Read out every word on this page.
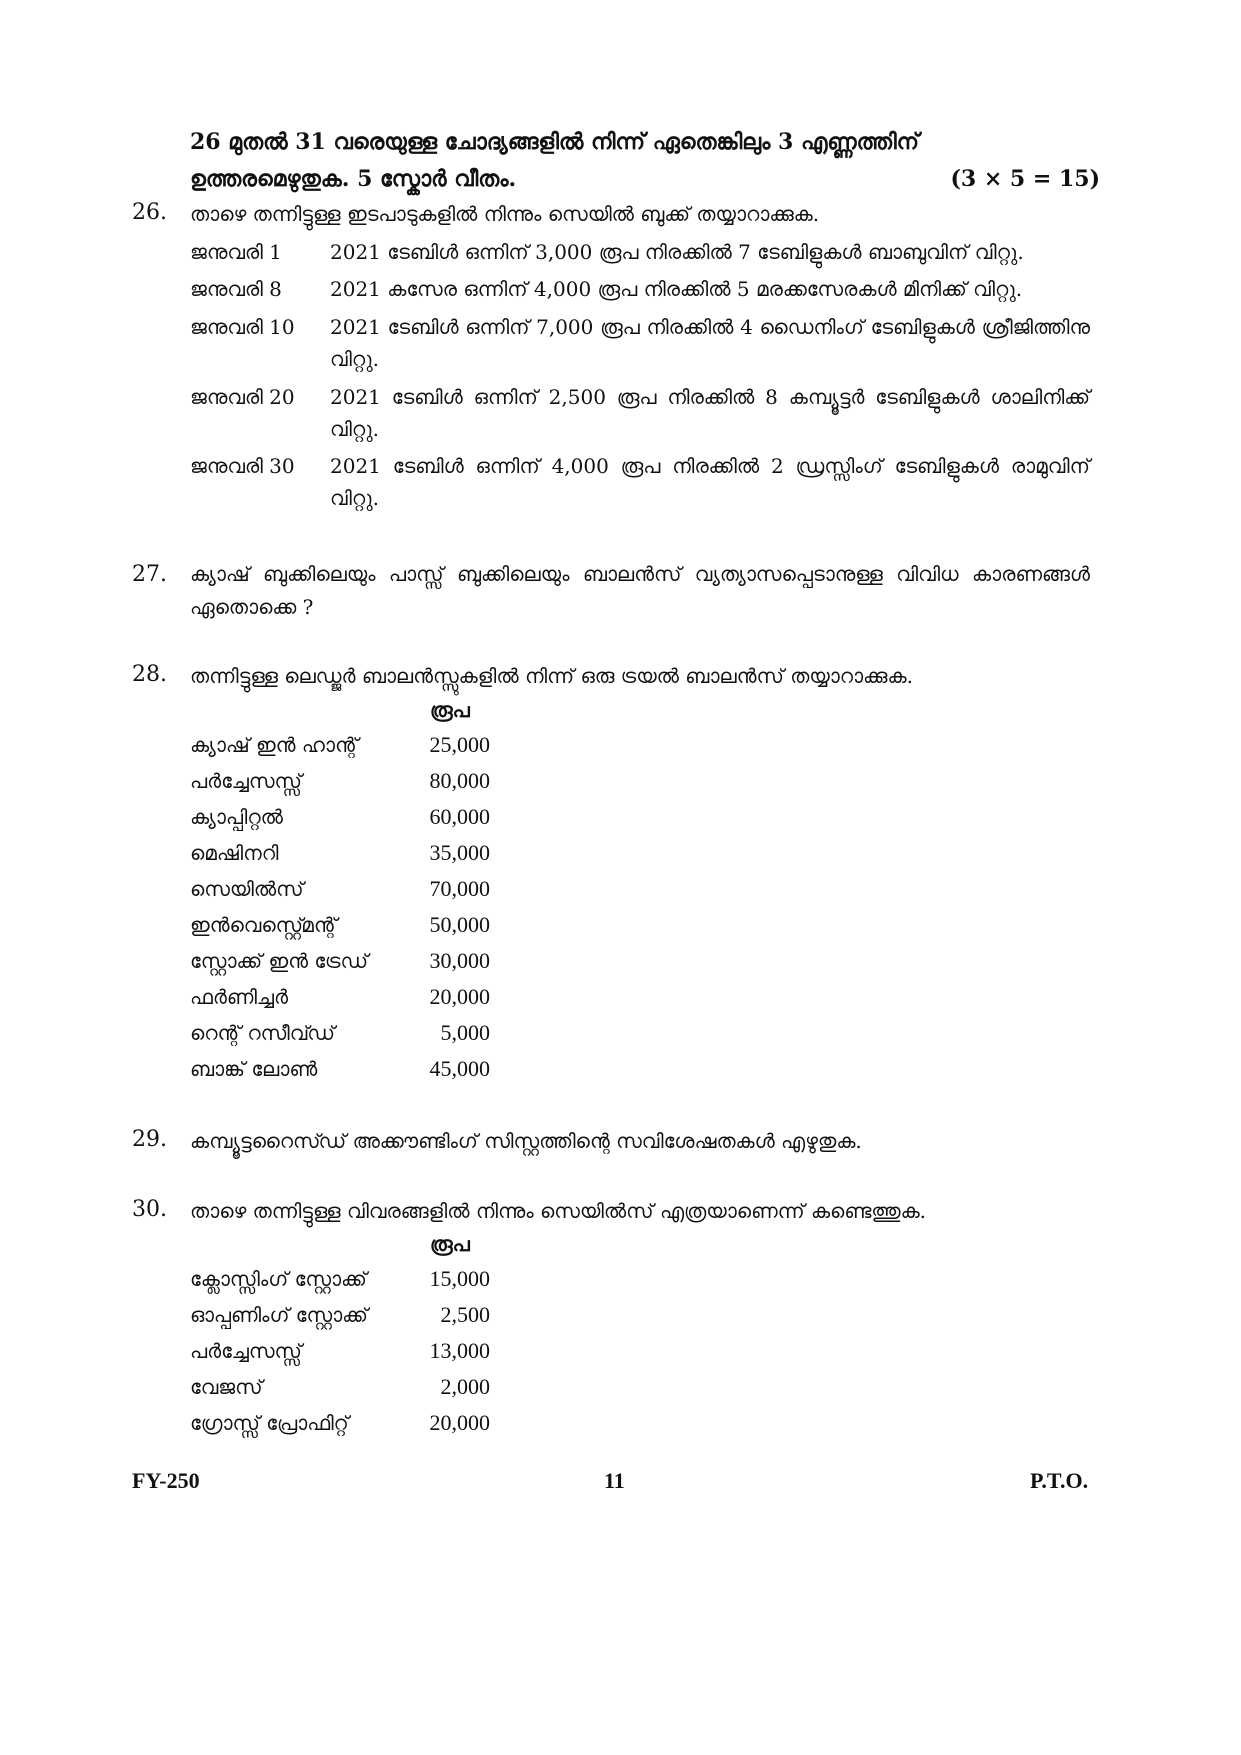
26 മുതൽ 31 വരെയുള്ള ചോദ്യങ്ങളിൽ നിന്ന് ഏതെങ്കിലും 3 എണ്ണത്തിന്
ഉത്തരമെഴുതുക. 5 സ്കോർ വീതം.	(3 × 5 = 15)
26. താഴെ തന്നിട്ടുള്ള ഇടപാടുകളിൽ നിന്നും സെയിൽ ബുക്ക് തയ്യാറാക്കുക.
ജനുവരി 1	2021 ടേബിൾ ഒന്നിന് 3,000 രൂപ നിരക്കിൽ 7 ടേബിളുകൾ ബാബുവിന് വിറ്റു.
ജനുവരി 8	2021 കസേര ഒന്നിന് 4,000 രൂപ നിരക്കിൽ 5 മരക്കസേരകൾ മിനിക്ക് വിറ്റു.
ജനുവരി 10	2021 ടേബിൾ ഒന്നിന് 7,000 രൂപ നിരക്കിൽ 4 ഡൈനിംഗ് ടേബിളുകൾ ശ്രീജിത്തിനു വിറ്റു.
ജനുവരി 20	2021 ടേബിൾ ഒന്നിന് 2,500 രൂപ നിരക്കിൽ 8 കമ്പ്യൂട്ടർ ടേബിളുകൾ ശാലിനിക്ക് വിറ്റു.
ജനുവരി 30	2021 ടേബിൾ ഒന്നിന് 4,000 രൂപ നിരക്കിൽ 2 ഡ്രസ്സിംഗ് ടേബിളുകൾ രാമുവിന് വിറ്റു.
27. ക്യാഷ് ബുക്കിലെയും പാസ്സ് ബുക്കിലെയും ബാലൻസ് വ്യത്യാസപ്പെടാനുള്ള വിവിധ കാരണങ്ങൾ ഏതൊക്കെ ?
28. തന്നിട്ടുള്ള ലെഡ്ജർ ബാലൻസ്സുകളിൽ നിന്ന് ഒരു ട്രയൽ ബാലൻസ് തയ്യാറാക്കുക.
രൂപ
ക്യാഷ് ഇൻ ഹാന്റ്	25,000
പർച്ചേസസ്സ്	80,000
ക്യാപ്പിറ്റൽ	60,000
മെഷിനറി	35,000
സെയിൽസ്	70,000
ഇൻവെസ്റ്റ്മെന്റ്	50,000
സ്റ്റോക്ക് ഇൻ ട്രേഡ്	30,000
ഫർണിച്ചർ	20,000
റെന്റ് റസീവ്ഡ്	5,000
ബാങ്ക് ലോൺ	45,000
29. കമ്പ്യൂട്ടറൈസ്ഡ് അക്കൗണ്ടിംഗ് സിസ്റ്റത്തിന്റെ സവിശേഷതകൾ എഴുതുക.
30. താഴെ തന്നിട്ടുള്ള വിവരങ്ങളിൽ നിന്നും സെയിൽസ് എത്രയാണെന്ന് കണ്ടെത്തുക.
രൂപ
ക്ലോസ്സിംഗ് സ്റ്റോക്ക്	15,000
ഓപ്പണിംഗ് സ്റ്റോക്ക്	2,500
പർച്ചേസസ്സ്	13,000
വേജസ്	2,000
ഗ്രോസ്സ് പ്രോഫിറ്റ്	20,000
FY-250	11	P.T.O.
